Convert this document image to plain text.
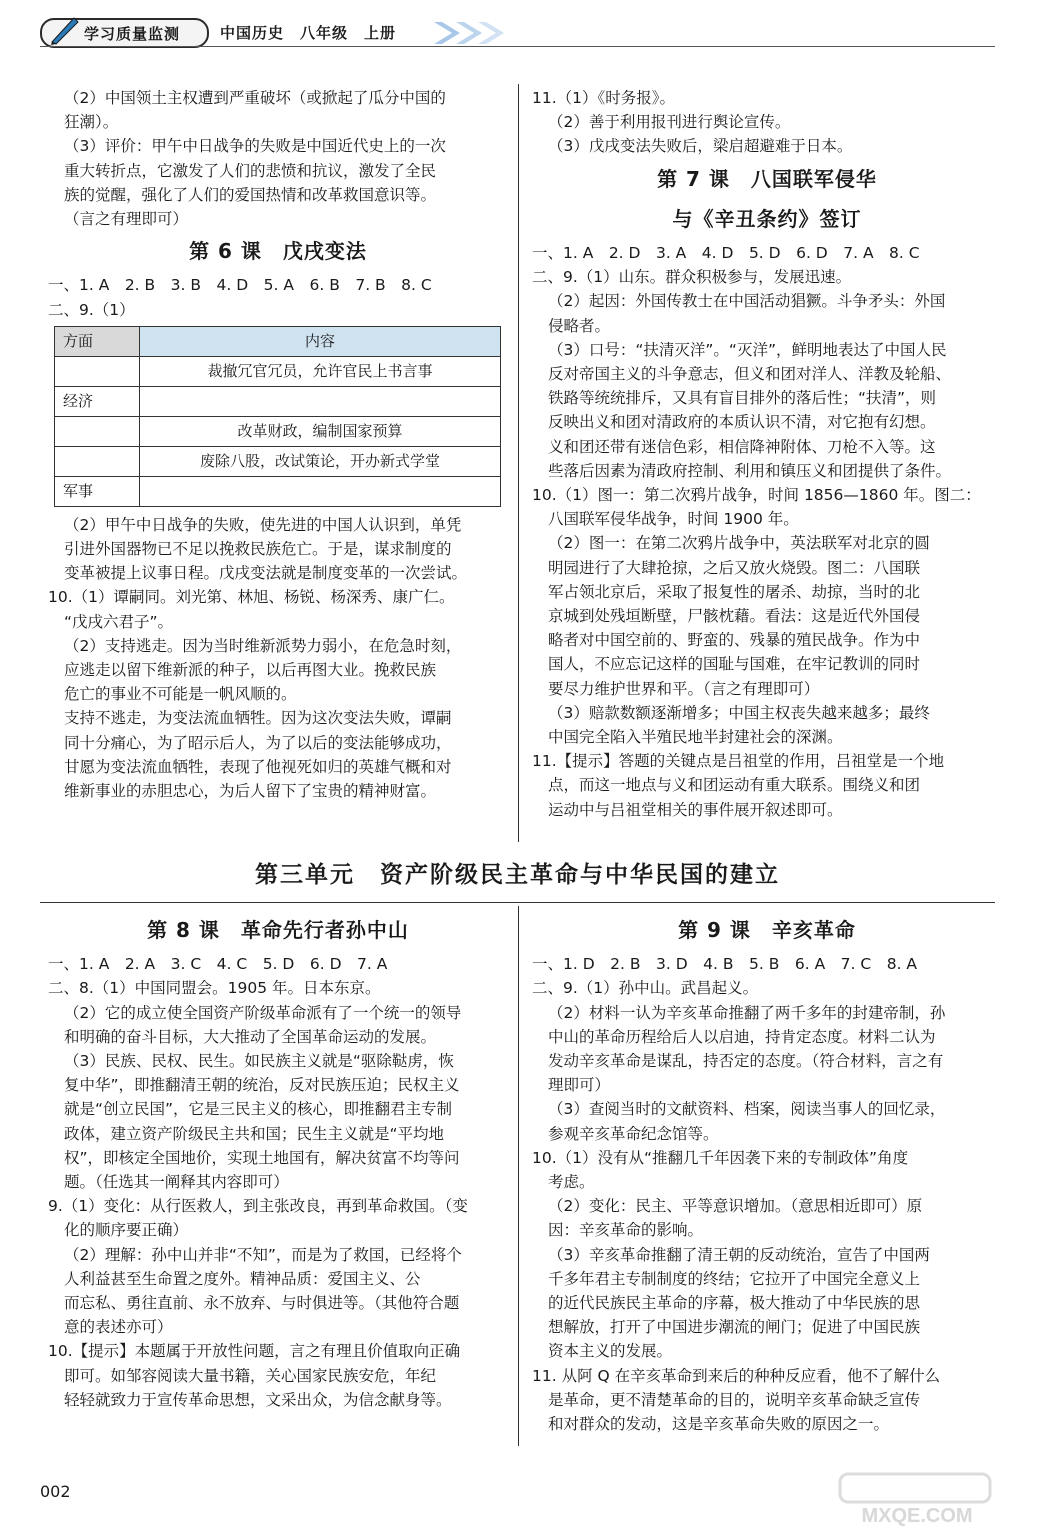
学习质量监测	中国历史　八年级　上册

（2）中国领土主权遭到严重破坏（或掀起了瓜分中国的

狂潮）。

（3）评价：甲午中日战争的失败是中国近代史上的一次

重大转折点，它激发了人们的悲愤和抗议，激发了全民

族的觉醒，强化了人们的爱国热情和改革救国意识等。

（言之有理即可）

第 6 课　戊戌变法

一、1. A　2. B　3. B　4. D　5. A　6. B　7. B　8. C

二、9.（1）

方面	内容
	裁撤冗官冗员，允许官民上书言事
经济	
	改革财政，编制国家预算
	废除八股，改试策论，开办新式学堂
军事	

（2）甲午中日战争的失败，使先进的中国人认识到，单凭

引进外国器物已不足以挽救民族危亡。于是，谋求制度的

变革被提上议事日程。戊戌变法就是制度变革的一次尝试。

10.（1）谭嗣同。刘光第、林旭、杨锐、杨深秀、康广仁。

“戊戌六君子”。

（2）支持逃走。因为当时维新派势力弱小，在危急时刻，

应逃走以留下维新派的种子，以后再图大业。挽救民族

危亡的事业不可能是一帆风顺的。

支持不逃走，为变法流血牺牲。因为这次变法失败，谭嗣

同十分痛心，为了昭示后人，为了以后的变法能够成功，

甘愿为变法流血牺牲，表现了他视死如归的英雄气概和对

维新事业的赤胆忠心，为后人留下了宝贵的精神财富。

11.（1）《时务报》。

（2）善于利用报刊进行舆论宣传。

（3）戊戌变法失败后，梁启超避难于日本。

第 7 课　八国联军侵华
与《辛丑条约》签订

一、1. A　2. D　3. A　4. D　5. D　6. D　7. A　8. C

二、9.（1）山东。群众积极参与，发展迅速。

（2）起因：外国传教士在中国活动猖獗。斗争矛头：外国

侵略者。

（3）口号：“扶清灭洋”。“灭洋”，鲜明地表达了中国人民

反对帝国主义的斗争意志，但义和团对洋人、洋教及轮船、

铁路等统统排斥，又具有盲目排外的落后性；“扶清”，则

反映出义和团对清政府的本质认识不清，对它抱有幻想。

义和团还带有迷信色彩，相信降神附体、刀枪不入等。这

些落后因素为清政府控制、利用和镇压义和团提供了条件。

10.（1）图一：第二次鸦片战争，时间 1856—1860 年。图二：

八国联军侵华战争，时间 1900 年。

（2）图一：在第二次鸦片战争中，英法联军对北京的圆

明园进行了大肆抢掠，之后又放火烧毁。图二：八国联

军占领北京后，采取了报复性的屠杀、劫掠，当时的北

京城到处残垣断壁，尸骸枕藉。看法：这是近代外国侵

略者对中国空前的、野蛮的、残暴的殖民战争。作为中

国人，不应忘记这样的国耻与国难，在牢记教训的同时

要尽力维护世界和平。（言之有理即可）

（3）赔款数额逐渐增多；中国主权丧失越来越多；最终

中国完全陷入半殖民地半封建社会的深渊。

11.【提示】答题的关键点是吕祖堂的作用，吕祖堂是一个地

点，而这一地点与义和团运动有重大联系。围绕义和团

运动中与吕祖堂相关的事件展开叙述即可。

第三单元　资产阶级民主革命与中华民国的建立
第 8 课　革命先行者孙中山

一、1. A　2. A　3. C　4. C　5. D　6. D　7. A

二、8.（1）中国同盟会。1905 年。日本东京。

（2）它的成立使全国资产阶级革命派有了一个统一的领导

和明确的奋斗目标，大大推动了全国革命运动的发展。

（3）民族、民权、民生。如民族主义就是“驱除鞑虏，恢

复中华”，即推翻清王朝的统治，反对民族压迫；民权主义

就是“创立民国”，它是三民主义的核心，即推翻君主专制

政体，建立资产阶级民主共和国；民生主义就是“平均地

权”，即核定全国地价，实现土地国有，解决贫富不均等问

题。（任选其一阐释其内容即可）

9.（1）变化：从行医救人，到主张改良，再到革命救国。（变

化的顺序要正确）

（2）理解：孙中山并非“不知”，而是为了救国，已经将个

人利益甚至生命置之度外。精神品质：爱国主义、公

而忘私、勇往直前、永不放弃、与时俱进等。（其他符合题

意的表述亦可）

10.【提示】本题属于开放性问题，言之有理且价值取向正确

即可。如邹容阅读大量书籍，关心国家民族安危，年纪

轻轻就致力于宣传革命思想，文采出众，为信念献身等。

第 9 课　辛亥革命

一、1. D　2. B　3. D　4. B　5. B　6. A　7. C　8. A

二、9.（1）孙中山。武昌起义。

（2）材料一认为辛亥革命推翻了两千多年的封建帝制，孙

中山的革命历程给后人以启迪，持肯定态度。材料二认为

发动辛亥革命是谋乱，持否定的态度。（符合材料，言之有

理即可）

（3）查阅当时的文献资料、档案，阅读当事人的回忆录，

参观辛亥革命纪念馆等。

10.（1）没有从“推翻几千年因袭下来的专制政体”角度

考虑。

（2）变化：民主、平等意识增加。（意思相近即可）原

因：辛亥革命的影响。

（3）辛亥革命推翻了清王朝的反动统治，宣告了中国两

千多年君主专制制度的终结；它拉开了中国完全意义上

的近代民族民主革命的序幕，极大推动了中华民族的思

想解放，打开了中国进步潮流的闸门；促进了中国民族

资本主义的发展。

11. 从阿 Q 在辛亥革命到来后的种种反应看，他不了解什么

是革命，更不清楚革命的目的，说明辛亥革命缺乏宣传

和对群众的发动，这是辛亥革命失败的原因之一。

002
MXQE.COM
